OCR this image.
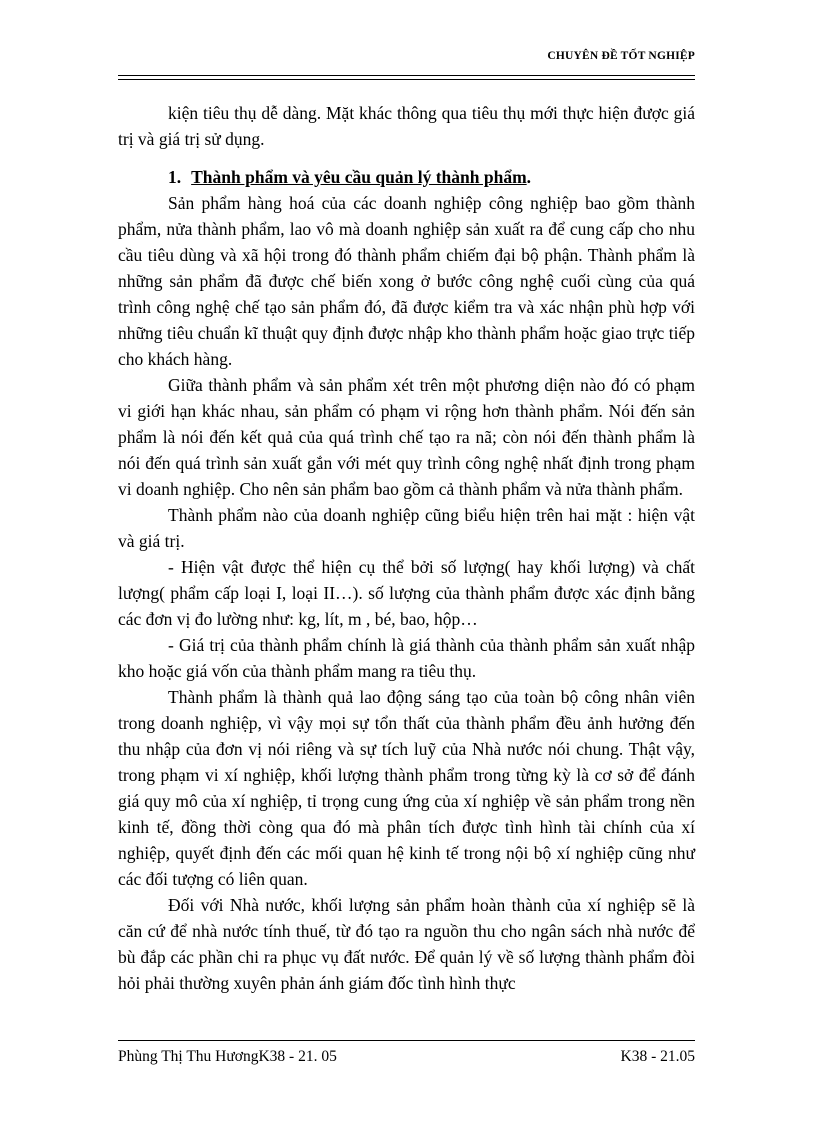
CHUYÊN ĐỀ TỐT NGHIỆP

kiện tiêu thụ dễ dàng. Mặt khác thông qua tiêu thụ mới thực hiện được giá trị và giá trị sử dụng.

1. Thành phẩm và yêu cầu quản lý thành phẩm.

Sản phẩm hàng hoá của các doanh nghiệp công nghiệp bao gồm thành phẩm, nửa thành phẩm, lao vô mà doanh nghiệp sản xuất ra để cung cấp cho nhu cầu tiêu dùng và xã hội trong đó thành phẩm chiếm đại bộ phận. Thành phẩm là những sản phẩm đã được chế biến xong ở bước công nghệ cuối cùng của quá trình công nghệ chế tạo sản phẩm đó, đã được kiểm tra và xác nhận phù hợp với những tiêu chuẩn kĩ thuật quy định được nhập kho thành phẩm hoặc giao trực tiếp cho khách hàng.

Giữa thành phẩm và sản phẩm xét trên một phương diện nào đó có phạm vi giới hạn khác nhau, sản phẩm có phạm vi rộng hơn thành phẩm. Nói đến sản phẩm là nói đến kết quả của quá trình chế tạo ra nã; còn nói đến thành phẩm là nói đến quá trình sản xuất gắn với mét quy trình công nghệ nhất định trong phạm vi doanh nghiệp. Cho nên sản phẩm bao gồm cả thành phẩm và nửa thành phẩm.

Thành phẩm nào của doanh nghiệp cũng biểu hiện trên hai mặt : hiện vật và giá trị.

- Hiện vật được thể hiện cụ thể bởi số lượng( hay khối lượng) và chất lượng( phẩm cấp loại I, loại II…). số lượng của thành phẩm được xác định bằng các đơn vị đo lường như: kg, lít, m , bé, bao, hộp…

- Giá trị của thành phẩm chính là giá thành của thành phẩm sản xuất nhập kho hoặc giá vốn của thành phẩm mang ra tiêu thụ.

Thành phẩm là thành quả lao động sáng tạo của toàn bộ công nhân viên trong doanh nghiệp, vì vậy mọi sự tổn thất của thành phẩm đều ảnh hưởng đến thu nhập của đơn vị nói riêng và sự tích luỹ của Nhà nước nói chung. Thật vậy, trong phạm vi xí nghiệp, khối lượng thành phẩm trong từng kỳ là cơ sở để đánh giá quy mô của xí nghiệp, tỉ trọng cung ứng của xí nghiệp về sản phẩm trong nền kinh tế, đồng thời còng qua đó mà phân tích được tình hình tài chính của xí nghiệp, quyết định đến các mối quan hệ kinh tế trong nội bộ xí nghiệp cũng như các đối tượng có liên quan.

Đối với Nhà nước, khối lượng sản phẩm hoàn thành của xí nghiệp sẽ là căn cứ để nhà nước tính thuế, từ đó tạo ra nguồn thu cho ngân sách nhà nước để bù đắp các phần chi ra phục vụ đất nước. Để quản lý về số lượng thành phẩm đòi hỏi phải thường xuyên phản ánh giám đốc tình hình thực

Phùng Thị Thu HươngK38 - 21. 05	K38 - 21.05
